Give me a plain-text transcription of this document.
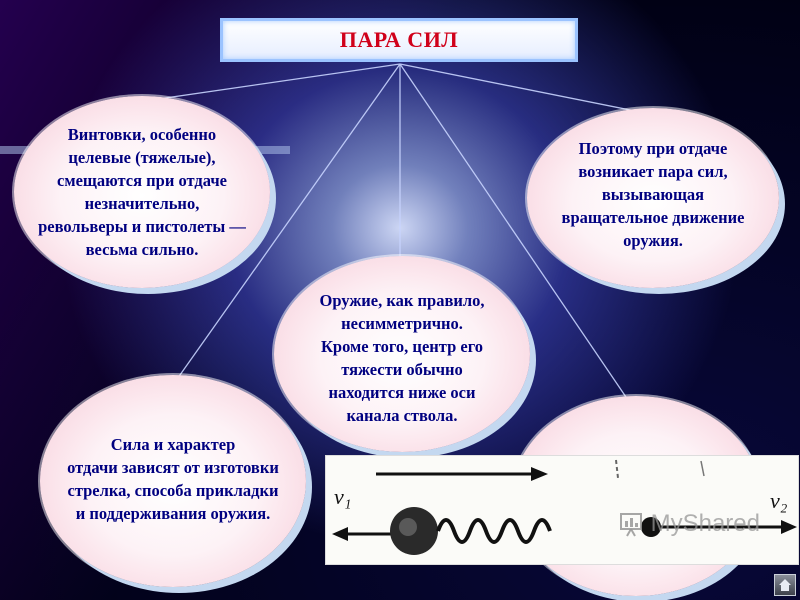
ПАРА СИЛ
Винтовки, особенно
целевые (тяжелые),
смещаются при отдаче
незначительно,
револьверы и пистолеты —
весьма сильно.
Поэтому при отдаче
возникает пара сил,
вызывающая
вращательное движение
оружия.
Оружие, как правило,
несимметрично.
Кроме того, центр его
тяжести обычно
находится ниже оси
канала ствола.
Сила и характер
отдачи зависят от изготовки
стрелка, способа прикладки
и поддерживания оружия.
v₁	v₂
MyShared
